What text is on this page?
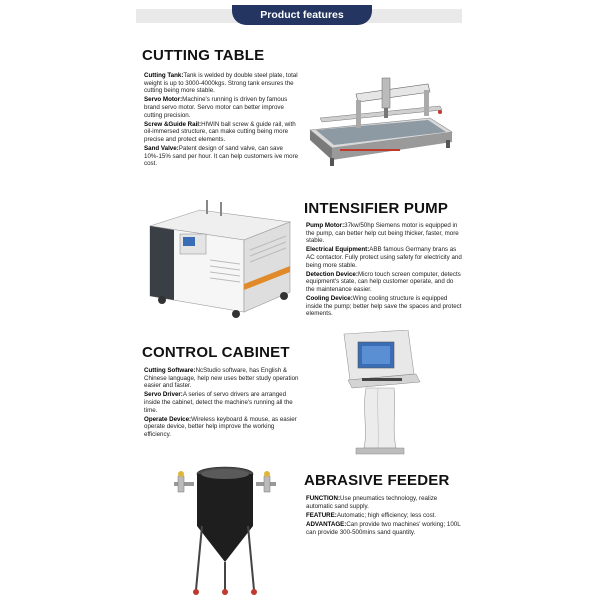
Product features
CUTTING TABLE

Cutting Tank:Tank is welded by double steel plate, total weight is up to 3000-4000kgs. Strong tank ensures the cutting being more stable.

Servo Motor:Machine's running is driven by famous brand servo motor. Servo motor can better improve cutting precision.

Screw &Guide Rail:HIWIN ball screw & guide rail, with oil-immersed structure, can make cutting being more precise and protect elements.

Sand Valve:Patent design of sand valve, can save 10%-15% sand per hour. It can help customers ive more cost.

INTENSIFIER PUMP

Pump Motor:37kw/50hp Siemens motor is equipped in the pump, can better help cut being thicker, faster, more stable.

Electrical Equipment:ABB famous Germany brans as AC contactor. Fully protect using safety for electricity and being more stable.

Detection Device:Micro touch screen computer, detects equipment's state, can help customer operate, and do the maintenance easier.

Cooling Device:Wing cooling structure is equipped inside the pump; better help save the spaces and protect elements.

CONTROL CABINET

Cutting Software:NcStudio software, has English & Chinese language, help new uses better study operation easier and faster.

Servo Driver:A series of servo drivers are arranged inside the cabinet, detect the machine's running all the time.

Operate Device:Wireless keyboard & mouse, as easier operate device, better help improve the working efficiency.

ABRASIVE FEEDER

FUNCTION:Use pneumatics technology, realize automatic sand supply.

FEATURE:Automatic; high efficiency; less cost.

ADVANTAGE:Can provide two machines' working; 100L can provide 300-500mins sand quantity.
